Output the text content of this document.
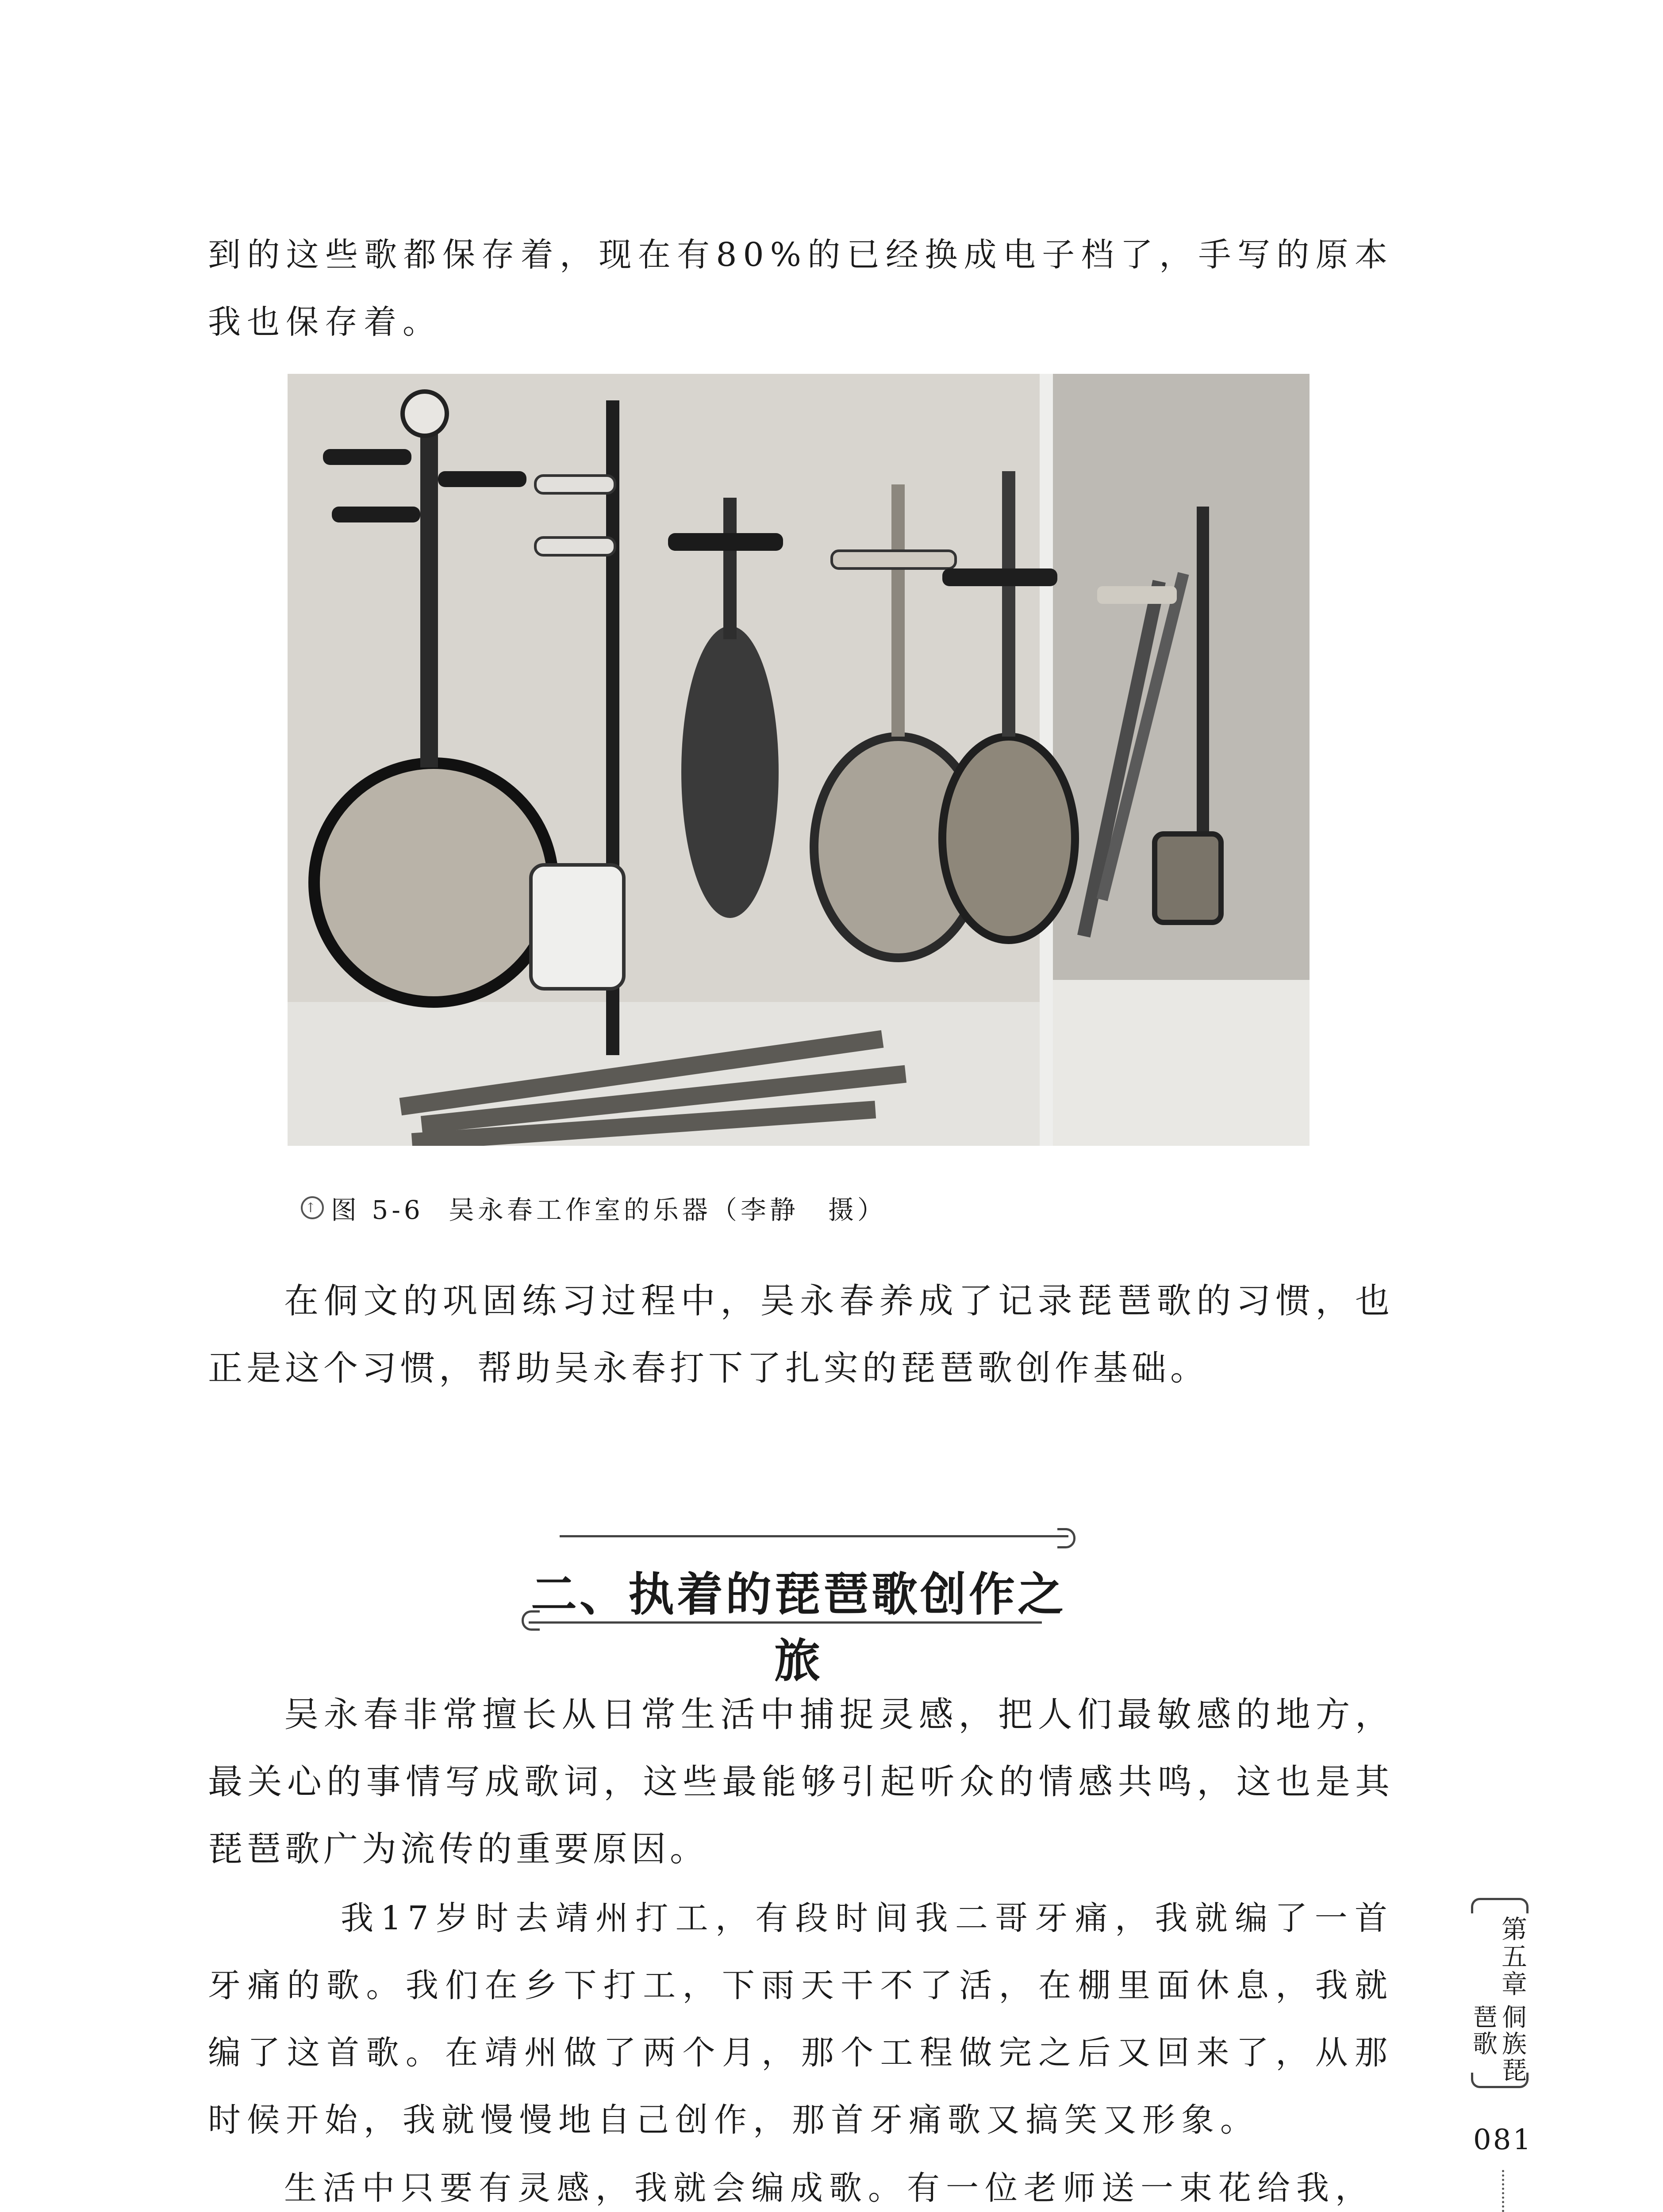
到的这些歌都保存着，现在有80%的已经换成电子档了，手写的原本我也保存着。

↑ 图 5-6 吴永春工作室的乐器（李静　摄）

在侗文的巩固练习过程中，吴永春养成了记录琵琶歌的习惯，也正是这个习惯，帮助吴永春打下了扎实的琵琶歌创作基础。

二、执着的琵琶歌创作之旅

吴永春非常擅长从日常生活中捕捉灵感，把人们最敏感的地方，最关心的事情写成歌词，这些最能够引起听众的情感共鸣，这也是其琵琶歌广为流传的重要原因。

我17岁时去靖州打工，有段时间我二哥牙痛，我就编了一首牙痛的歌。我们在乡下打工，下雨天干不了活，在棚里面休息，我就编了这首歌。在靖州做了两个月，那个工程做完之后又回来了，从那时候开始，我就慢慢地自己创作，那首牙痛歌又搞笑又形象。

生活中只要有灵感，我就会编成歌。有一位老师送一束花给我，

第五章
侗族琵琶歌
081
